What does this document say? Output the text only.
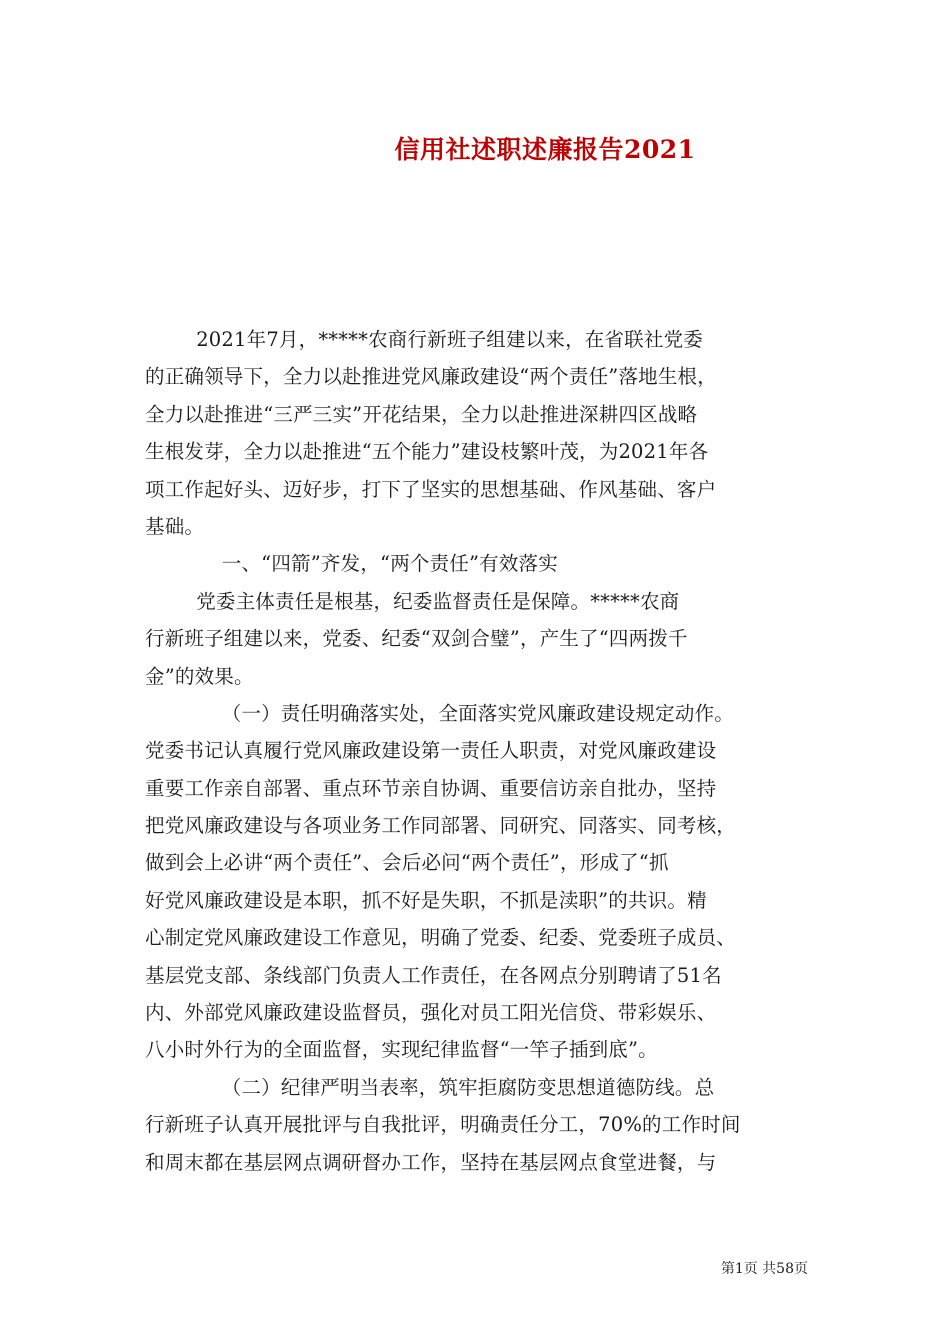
信用社述职述廉报告2021
2021年7月，*****农商行新班子组建以来，在省联社党委
的正确领导下，全力以赴推进党风廉政建设“两个责任”落地生根，
全力以赴推进“三严三实”开花结果，全力以赴推进深耕四区战略
生根发芽，全力以赴推进“五个能力”建设枝繁叶茂，为2021年各
项工作起好头、迈好步，打下了坚实的思想基础、作风基础、客户
基础。
一、“四箭”齐发，“两个责任”有效落实
党委主体责任是根基，纪委监督责任是保障。*****农商
行新班子组建以来，党委、纪委“双剑合璧”，产生了“四两拨千
金”的效果。
（一）责任明确落实处，全面落实党风廉政建设规定动作。
党委书记认真履行党风廉政建设第一责任人职责，对党风廉政建设
重要工作亲自部署、重点环节亲自协调、重要信访亲自批办，坚持
把党风廉政建设与各项业务工作同部署、同研究、同落实、同考核，
做到会上必讲“两个责任”、会后必问“两个责任”，形成了“抓
好党风廉政建设是本职，抓不好是失职，不抓是渎职”的共识。精
心制定党风廉政建设工作意见，明确了党委、纪委、党委班子成员、
基层党支部、条线部门负责人工作责任，在各网点分别聘请了51名
内、外部党风廉政建设监督员，强化对员工阳光信贷、带彩娱乐、
八小时外行为的全面监督，实现纪律监督“一竿子插到底”。
（二）纪律严明当表率，筑牢拒腐防变思想道德防线。总
行新班子认真开展批评与自我批评，明确责任分工，70%的工作时间
和周末都在基层网点调研督办工作，坚持在基层网点食堂进餐，与
第1页 共58页
